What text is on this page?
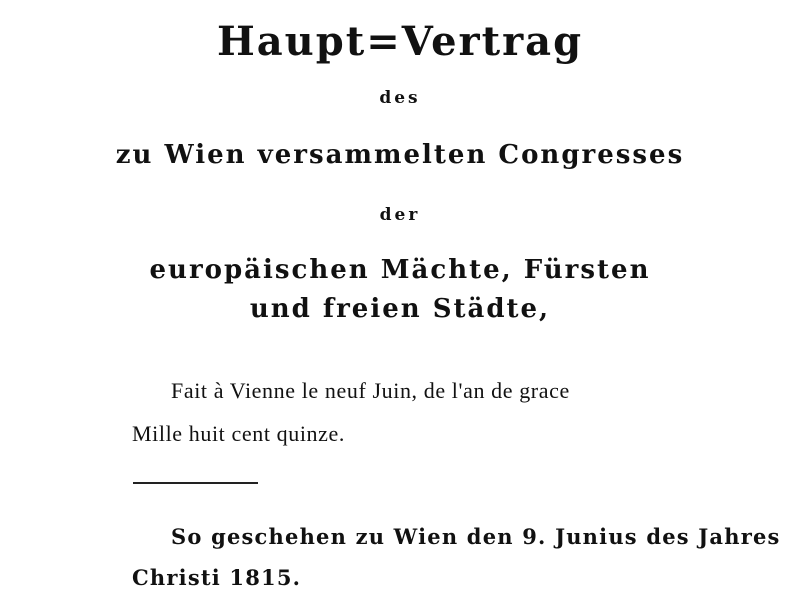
Haupt=Vertrag
des
zu Wien versammelten Congresses
der
europäischen Mächte, Fürsten
und freien Städte,
Fait à Vienne le neuf Juin, de l'an de grace
Mille huit cent quinze.
So geschehen zu Wien den 9. Junius des Jahres
Christi 1815.
